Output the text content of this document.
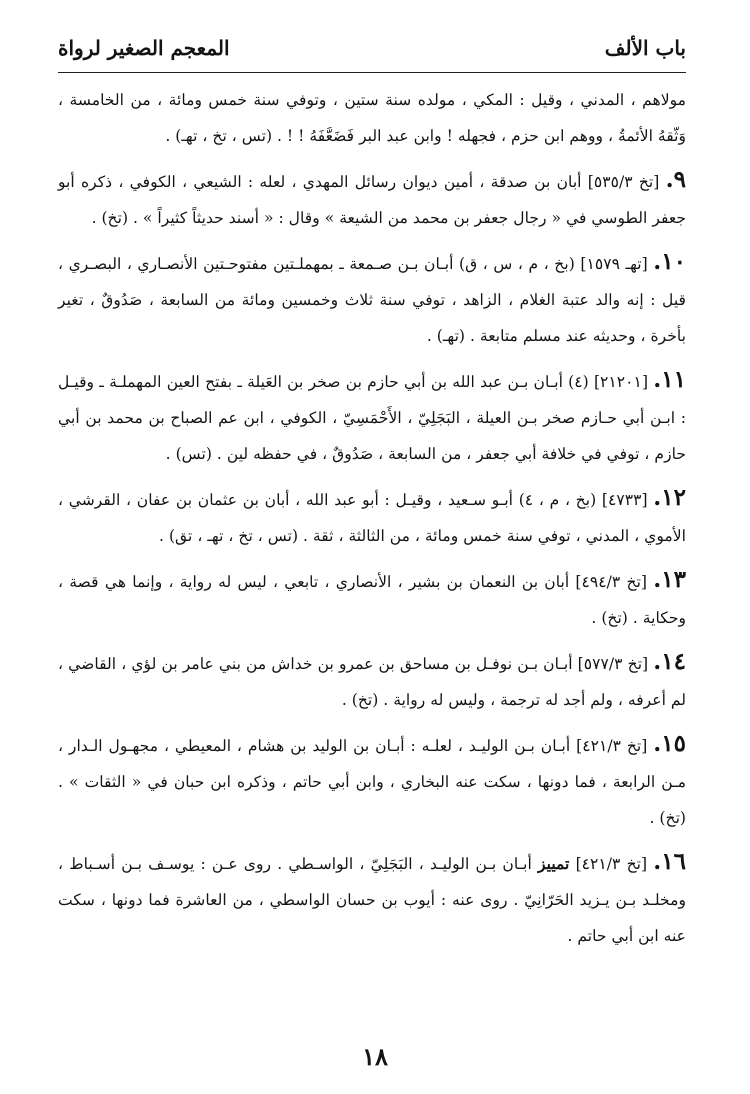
باب الألف
المعجم الصغير لرواة

مولاهم ، المدني ، وقيل : المكي ، مولده سنة ستين ، وتوفي سنة خمس ومائة ، من الخامسة ، وَثّقهُ الأئمةُ ، ووهم ابن حزم ، فجهله ! وابن عبد البر فَضَعَّفَهُ ! ! . (تس ، تخ ، تهـ) .

٩. [تخ ٥٣٥/٣] أبان بن صدقة ، أمين ديوان رسائل المهدي ، لعله : الشيعي ، الكوفي ، ذكره أبو جعفر الطوسي في « رجال جعفر بن محمد من الشيعة » وقال : « أسند حديثاً كثيراً » . (تخ) .

١٠. [تهـ ١٥٧٩] (بخ ، م ، س ، ق) أبـان بـن صـمعة ـ بمهملـتين مفتوحـتين الأنصـاري ، البصـري ، قيل : إنه والد عتبة الغلام ، الزاهد ، توفي سنة ثلاث وخمسين ومائة من السابعة ، صَدُوقٌ ، تغير بأخرة ، وحديثه عند مسلم متابعة . (تهـ) .

١١. [٢١٢٠١] (٤) أبـان بـن عبد الله بن أبي حازم بن صخر بن العَيلة ـ بفتح العين المهملـة ـ وقيـل : ابـن أبي حـازم صخر بـن العيلة ، البَجَلِيّ ، الأَحْمَسِيّ ، الكوفي ، ابن عم الصباح بن محمد بن أبي حازم ، توفي في خلافة أبي جعفر ، من السابعة ، صَدُوقٌ ، في حفظه لين . (تس) .

١٢. [٤٧٣٣] (بخ ، م ، ٤) أبـو سـعيد ، وقيـل : أبو عبد الله ، أبان بن عثمان بن عفان ، القرشي ، الأموي ، المدني ، توفي سنة خمس ومائة ، من الثالثة ، ثقة . (تس ، تخ ، تهـ ، تق) .

١٣. [تخ ٤٩٤/٣] أبان بن النعمان بن بشير ، الأنصاري ، تابعي ، ليس له رواية ، وإنما هي قصة ، وحكاية . (تخ) .

١٤. [تخ ٥٧٧/٣] أبـان بـن نوفـل بن مساحق بن عمرو بن خداش من بني عامر بن لؤي ، القاضي ، لم أعرفه ، ولم أجد له ترجمة ، وليس له رواية . (تخ) .

١٥. [تخ ٤٢١/٣] أبـان بـن الوليـد ، لعلـه : أبـان بن الوليد بن هشام ، المعيطي ، مجهـول الـدار ، مـن الرابعة ، فما دونها ، سكت عنه البخاري ، وابن أبي حاتم ، وذكره ابن حبان في « الثقات » . (تخ) .

١٦. [تخ ٤٢١/٣] تمييز أبـان بـن الوليـد ، البَجَلِيّ ، الواسـطي . روى عـن : يوسـف بـن أسـباط ، ومخلـد بـن يـزيد الحَرّانِيّ . روى عنه : أيوب بن حسان الواسطي ، من العاشرة فما دونها ، سكت عنه ابن أبي حاتم .

١٨
